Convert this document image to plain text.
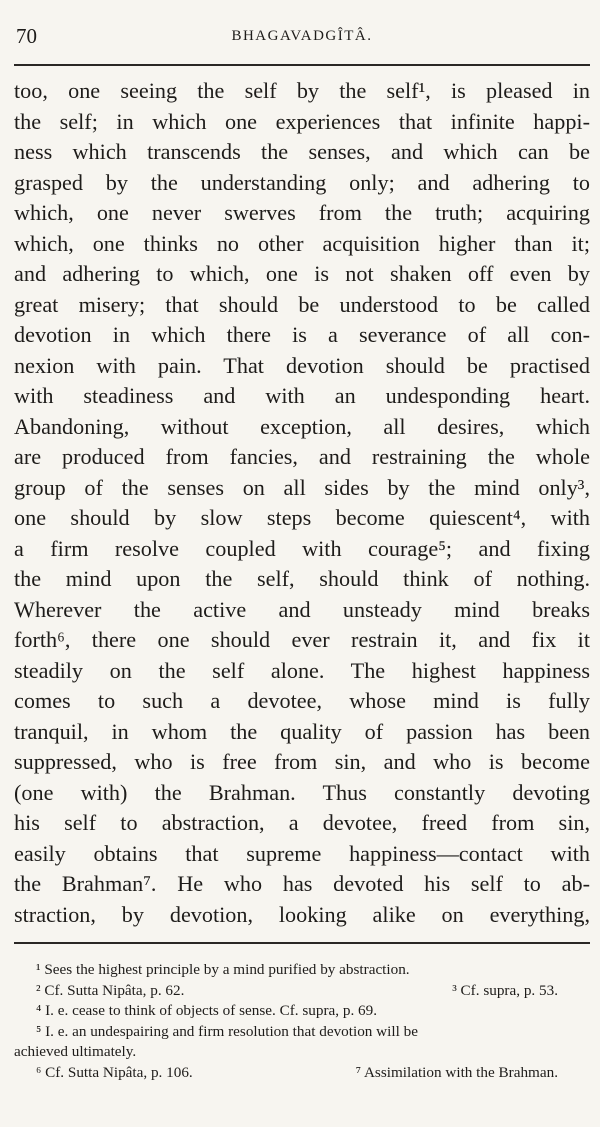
70	BHAGAVADGÎTÂ.
too, one seeing the self by the self¹, is pleased in
the self; in which one experiences that infinite happi-
ness which transcends the senses, and which can be
grasped by the understanding only; and adhering to
which, one never swerves from the truth; acquiring
which, one thinks no other acquisition higher than it;
and adhering to which, one is not shaken off even by
great misery; that should be understood to be called
devotion in which there is a severance of all con-
nexion with pain. That devotion should be practised
with steadiness and with an undesponding heart.
Abandoning, without exception, all desires, which
are produced from fancies, and restraining the whole
group of the senses on all sides by the mind only³,
one should by slow steps become quiescent⁴, with
a firm resolve coupled with courage⁵; and fixing
the mind upon the self, should think of nothing.
Wherever the active and unsteady mind breaks
forth⁶, there one should ever restrain it, and fix it
steadily on the self alone. The highest happiness
comes to such a devotee, whose mind is fully
tranquil, in whom the quality of passion has been
suppressed, who is free from sin, and who is become
(one with) the Brahman. Thus constantly devoting
his self to abstraction, a devotee, freed from sin,
easily obtains that supreme happiness—contact with
the Brahman⁷. He who has devoted his self to ab-
straction, by devotion, looking alike on everything,
¹ Sees the highest principle by a mind purified by abstraction.
² Cf. Sutta Nipâta, p. 62.	³ Cf. supra, p. 53.
⁴ I. e. cease to think of objects of sense. Cf. supra, p. 69.
⁵ I. e. an undespairing and firm resolution that devotion will be
achieved ultimately.
⁶ Cf. Sutta Nipâta, p. 106.	⁷ Assimilation with the Brahman.
